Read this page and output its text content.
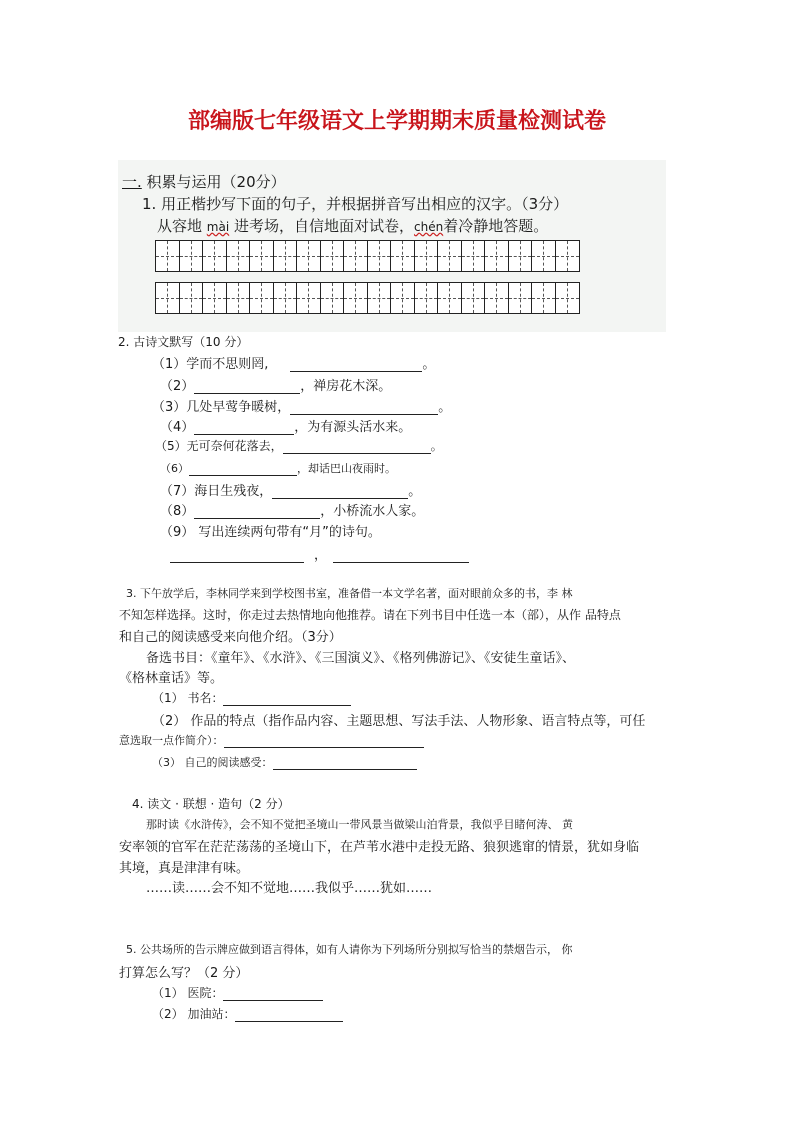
部编版七年级语文上学期期末质量检测试卷
一. 积累与运用（20分）
1. 用正楷抄写下面的句子，并根据拼音写出相应的汉字。（3分）
从容地 mài 进考场，自信地面对试卷，chén着冷静地答题。
2. 古诗文默写（10 分）
（1）学而不思则罔,	。
（2）	，禅房花木深。
（3）几处早莺争暖树，	。
（4）	，为有源头活水来。
（5）无可奈何花落去，	。
（6）	，却话巴山夜雨时。
（7）海日生残夜，	。
（8）	，小桥流水人家。
（9） 写出连续两句带有“月”的诗句。
，
3. 下午放学后，李林同学来到学校图书室，准备借一本文学名著，面对眼前众多的书，李 林
不知怎样选择。这时，你走过去热情地向他推荐。请在下列书目中任选一本（部），从作 品特点
和自己的阅读感受来向他介绍。（3分）
备选书目：《童年》、《水浒》、《三国演义》、《格列佛游记》、《安徒生童话》、
《格林童话》等。
（1） 书名：
（2） 作品的特点（指作品内容、主题思想、写法手法、人物形象、语言特点等，可任
意选取一点作简介）：
（3） 自己的阅读感受：
4. 读文 · 联想 · 造句（2 分）
那时读《水浒传》，会不知不觉把圣境山一带风景当做梁山泊背景，我似乎目睹何涛、 黄
安率领的官军在茫茫荡荡的圣境山下，在芦苇水港中走投无路、狼狈逃窜的情景，犹如身临
其境，真是津津有味。
……读……会不知不觉地……我似乎……犹如……
5. 公共场所的告示牌应做到语言得体，如有人请你为下列场所分别拟写恰当的禁烟告示， 你
打算怎么写？（2 分）
（1） 医院：
（2） 加油站：
